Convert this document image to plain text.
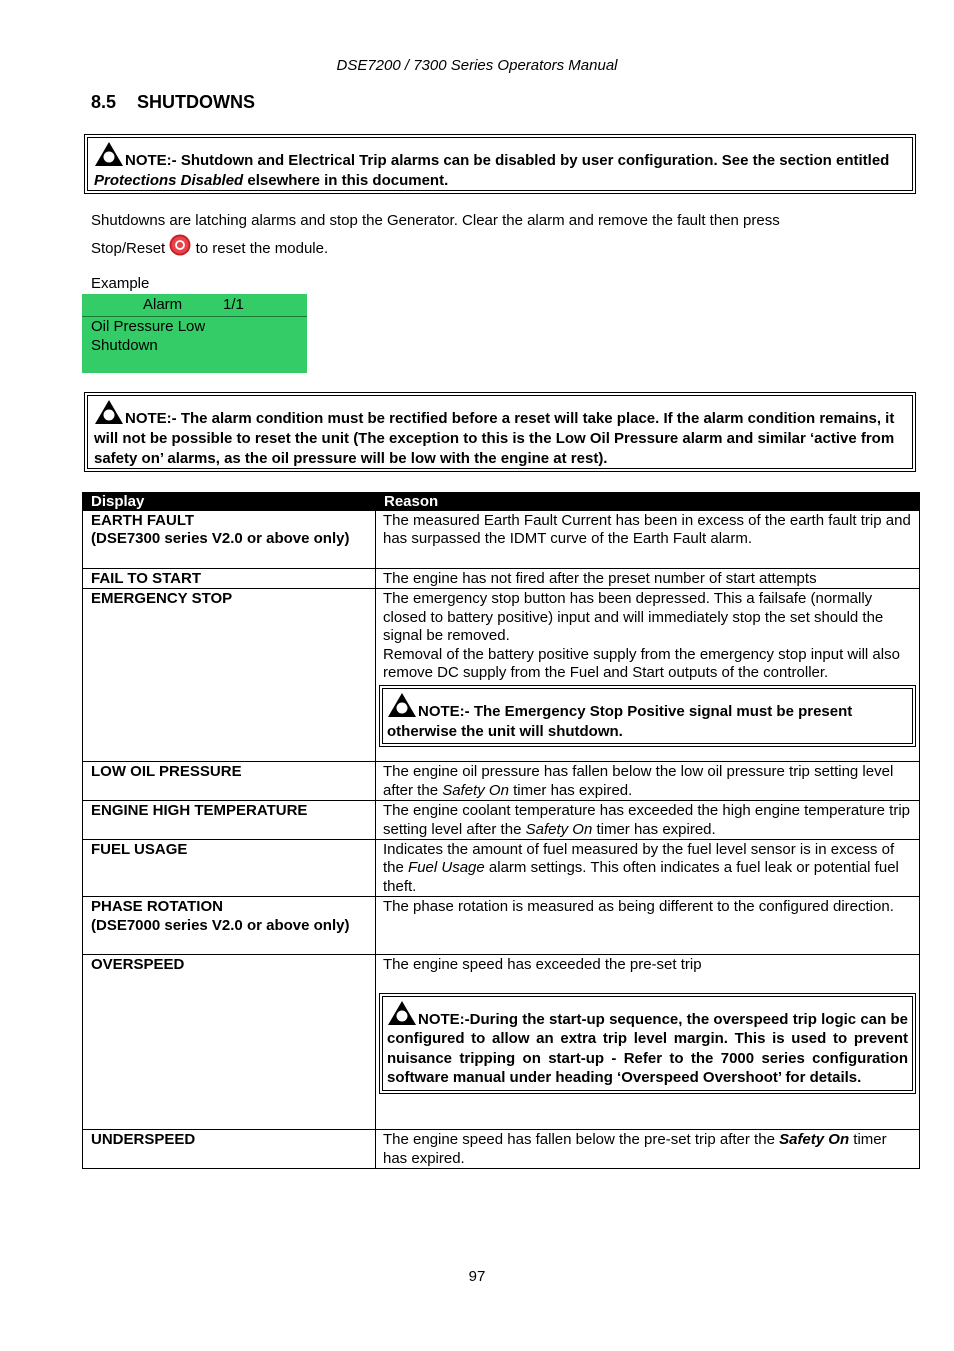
DSE7200 / 7300 Series Operators Manual
8.5 SHUTDOWNS
NOTE:- Shutdown and Electrical Trip alarms can be disabled by user configuration. See the section entitled Protections Disabled elsewhere in this document.
Shutdowns are latching alarms and stop the Generator. Clear the alarm and remove the fault then press
Stop/Reset to reset the module.
Example
Alarm	1/1
Oil Pressure Low
Shutdown
NOTE:- The alarm condition must be rectified before a reset will take place. If the alarm condition remains, it will not be possible to reset the unit (The exception to this is the Low Oil Pressure alarm and similar ‘active from safety on’ alarms, as the oil pressure will be low with the engine at rest).
Display	Reason

EARTH FAULT
(DSE7300 series V2.0 or above only)	The measured Earth Fault Current has been in excess of the earth fault trip and has surpassed the IDMT curve of the Earth Fault alarm.
FAIL TO START	The engine has not fired after the preset number of start attempts
EMERGENCY STOP	The emergency stop button has been depressed. This a failsafe (normally closed to battery positive) input and will immediately stop the set should the signal be removed.
Removal of the battery positive supply from the emergency stop input will also remove DC supply from the Fuel and Start outputs of the controller.
NOTE:- The Emergency Stop Positive signal must be present otherwise the unit will shutdown.

LOW OIL PRESSURE	The engine oil pressure has fallen below the low oil pressure trip setting level after the Safety On timer has expired.
ENGINE HIGH TEMPERATURE	The engine coolant temperature has exceeded the high engine temperature trip setting level after the Safety On timer has expired.
FUEL USAGE	Indicates the amount of fuel measured by the fuel level sensor is in excess of the Fuel Usage alarm settings. This often indicates a fuel leak or potential fuel theft.

PHASE ROTATION
(DSE7000 series V2.0 or above only)	The phase rotation is measured as being different to the configured direction.
OVERSPEED	The engine speed has exceeded the pre-set trip
NOTE:-During the start-up sequence, the overspeed trip logic can be configured to allow an extra trip level margin. This is used to prevent nuisance tripping on start-up - Refer to the 7000 series configuration software manual under heading ‘Overspeed Overshoot’ for details.

UNDERSPEED	The engine speed has fallen below the pre-set trip after the Safety On timer has expired.
97
